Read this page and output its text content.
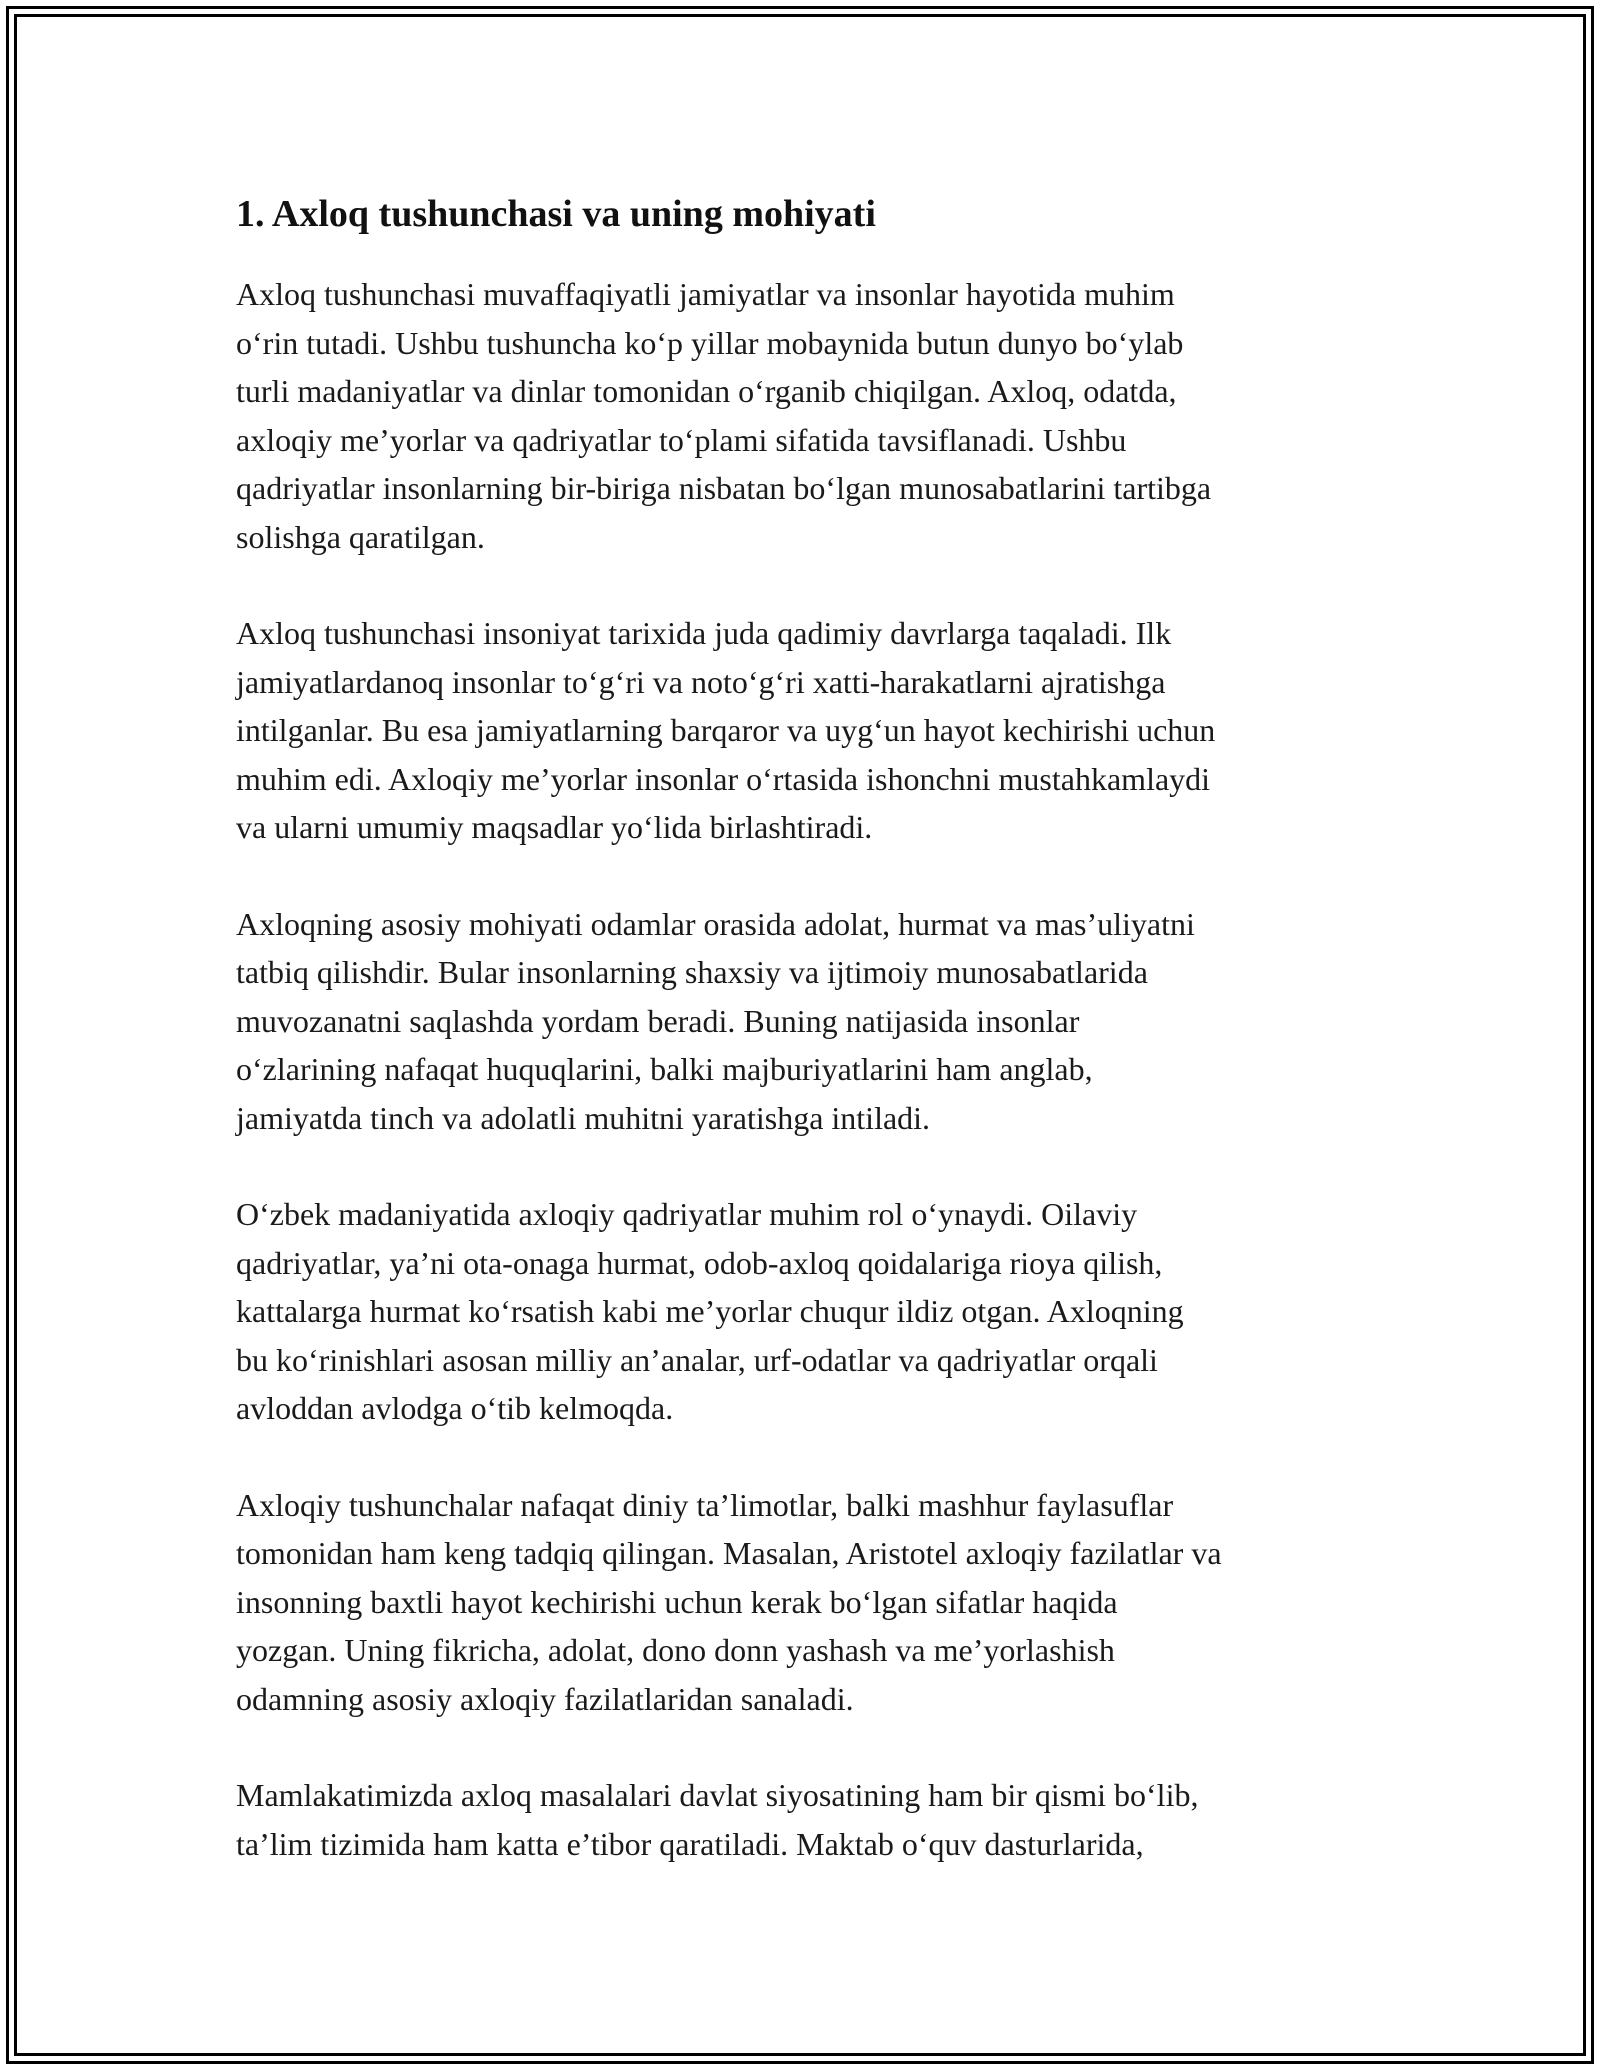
1. Axloq tushunchasi va uning mohiyati

Axloq tushunchasi muvaffaqiyatli jamiyatlar va insonlar hayotida muhim
o‘rin tutadi. Ushbu tushuncha ko‘p yillar mobaynida butun dunyo bo‘ylab
turli madaniyatlar va dinlar tomonidan o‘rganib chiqilgan. Axloq, odatda,
axloqiy me’yorlar va qadriyatlar to‘plami sifatida tavsiflanadi. Ushbu
qadriyatlar insonlarning bir-biriga nisbatan bo‘lgan munosabatlarini tartibga
solishga qaratilgan.

Axloq tushunchasi insoniyat tarixida juda qadimiy davrlarga taqaladi. Ilk
jamiyatlardanoq insonlar to‘g‘ri va noto‘g‘ri xatti-harakatlarni ajratishga
intilganlar. Bu esa jamiyatlarning barqaror va uyg‘un hayot kechirishi uchun
muhim edi. Axloqiy me’yorlar insonlar o‘rtasida ishonchni mustahkamlaydi
va ularni umumiy maqsadlar yo‘lida birlashtiradi.

Axloqning asosiy mohiyati odamlar orasida adolat, hurmat va mas’uliyatni
tatbiq qilishdir. Bular insonlarning shaxsiy va ijtimoiy munosabatlarida
muvozanatni saqlashda yordam beradi. Buning natijasida insonlar
o‘zlarining nafaqat huquqlarini, balki majburiyatlarini ham anglab,
jamiyatda tinch va adolatli muhitni yaratishga intiladi.

O‘zbek madaniyatida axloqiy qadriyatlar muhim rol o‘ynaydi. Oilaviy
qadriyatlar, ya’ni ota-onaga hurmat, odob-axloq qoidalariga rioya qilish,
kattalarga hurmat ko‘rsatish kabi me’yorlar chuqur ildiz otgan. Axloqning
bu ko‘rinishlari asosan milliy an’analar, urf-odatlar va qadriyatlar orqali
avloddan avlodga o‘tib kelmoqda.

Axloqiy tushunchalar nafaqat diniy ta’limotlar, balki mashhur faylasuflar
tomonidan ham keng tadqiq qilingan. Masalan, Aristotel axloqiy fazilatlar va
insonning baxtli hayot kechirishi uchun kerak bo‘lgan sifatlar haqida
yozgan. Uning fikricha, adolat, dono donn yashash va me’yorlashish
odamning asosiy axloqiy fazilatlaridan sanaladi.

Mamlakatimizda axloq masalalari davlat siyosatining ham bir qismi bo‘lib,
ta’lim tizimida ham katta e’tibor qaratiladi. Maktab o‘quv dasturlarida,
